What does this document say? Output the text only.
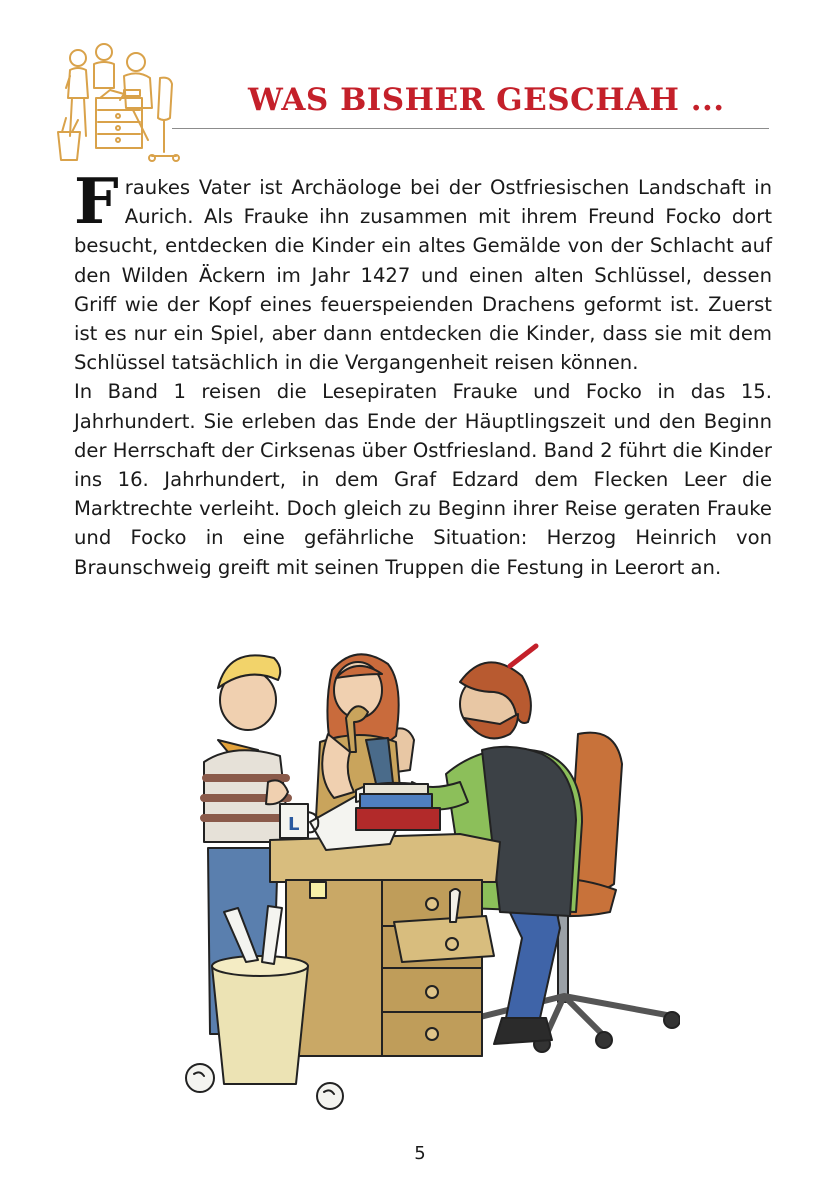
WAS BISHER GESCHAH ...

Fraukes Vater ist Archäologe bei der Ostfriesischen Landschaft in Aurich. Als Frauke ihn zusammen mit ihrem Freund Focko dort besucht, entdecken die Kinder ein altes Gemälde von der Schlacht auf den Wilden Äckern im Jahr 1427 und einen alten Schlüssel, dessen Griff wie der Kopf eines feuerspeienden Drachens geformt ist. Zuerst ist es nur ein Spiel, aber dann entdecken die Kinder, dass sie mit dem Schlüssel tatsächlich in die Vergangenheit reisen können.

In Band 1 reisen die Lesepiraten Frauke und Focko in das 15. Jahrhundert. Sie erleben das Ende der Häuptlingszeit und den Beginn der Herrschaft der Cirksenas über Ostfriesland. Band 2 führt die Kinder ins 16. Jahrhundert, in dem Graf Edzard dem Flecken Leer die Marktrechte verleiht. Doch gleich zu Beginn ihrer Reise geraten Frauke und Focko in eine gefährliche Situation: Herzog Heinrich von Braunschweig greift mit seinen Truppen die Festung in Leerort an.

L
5
